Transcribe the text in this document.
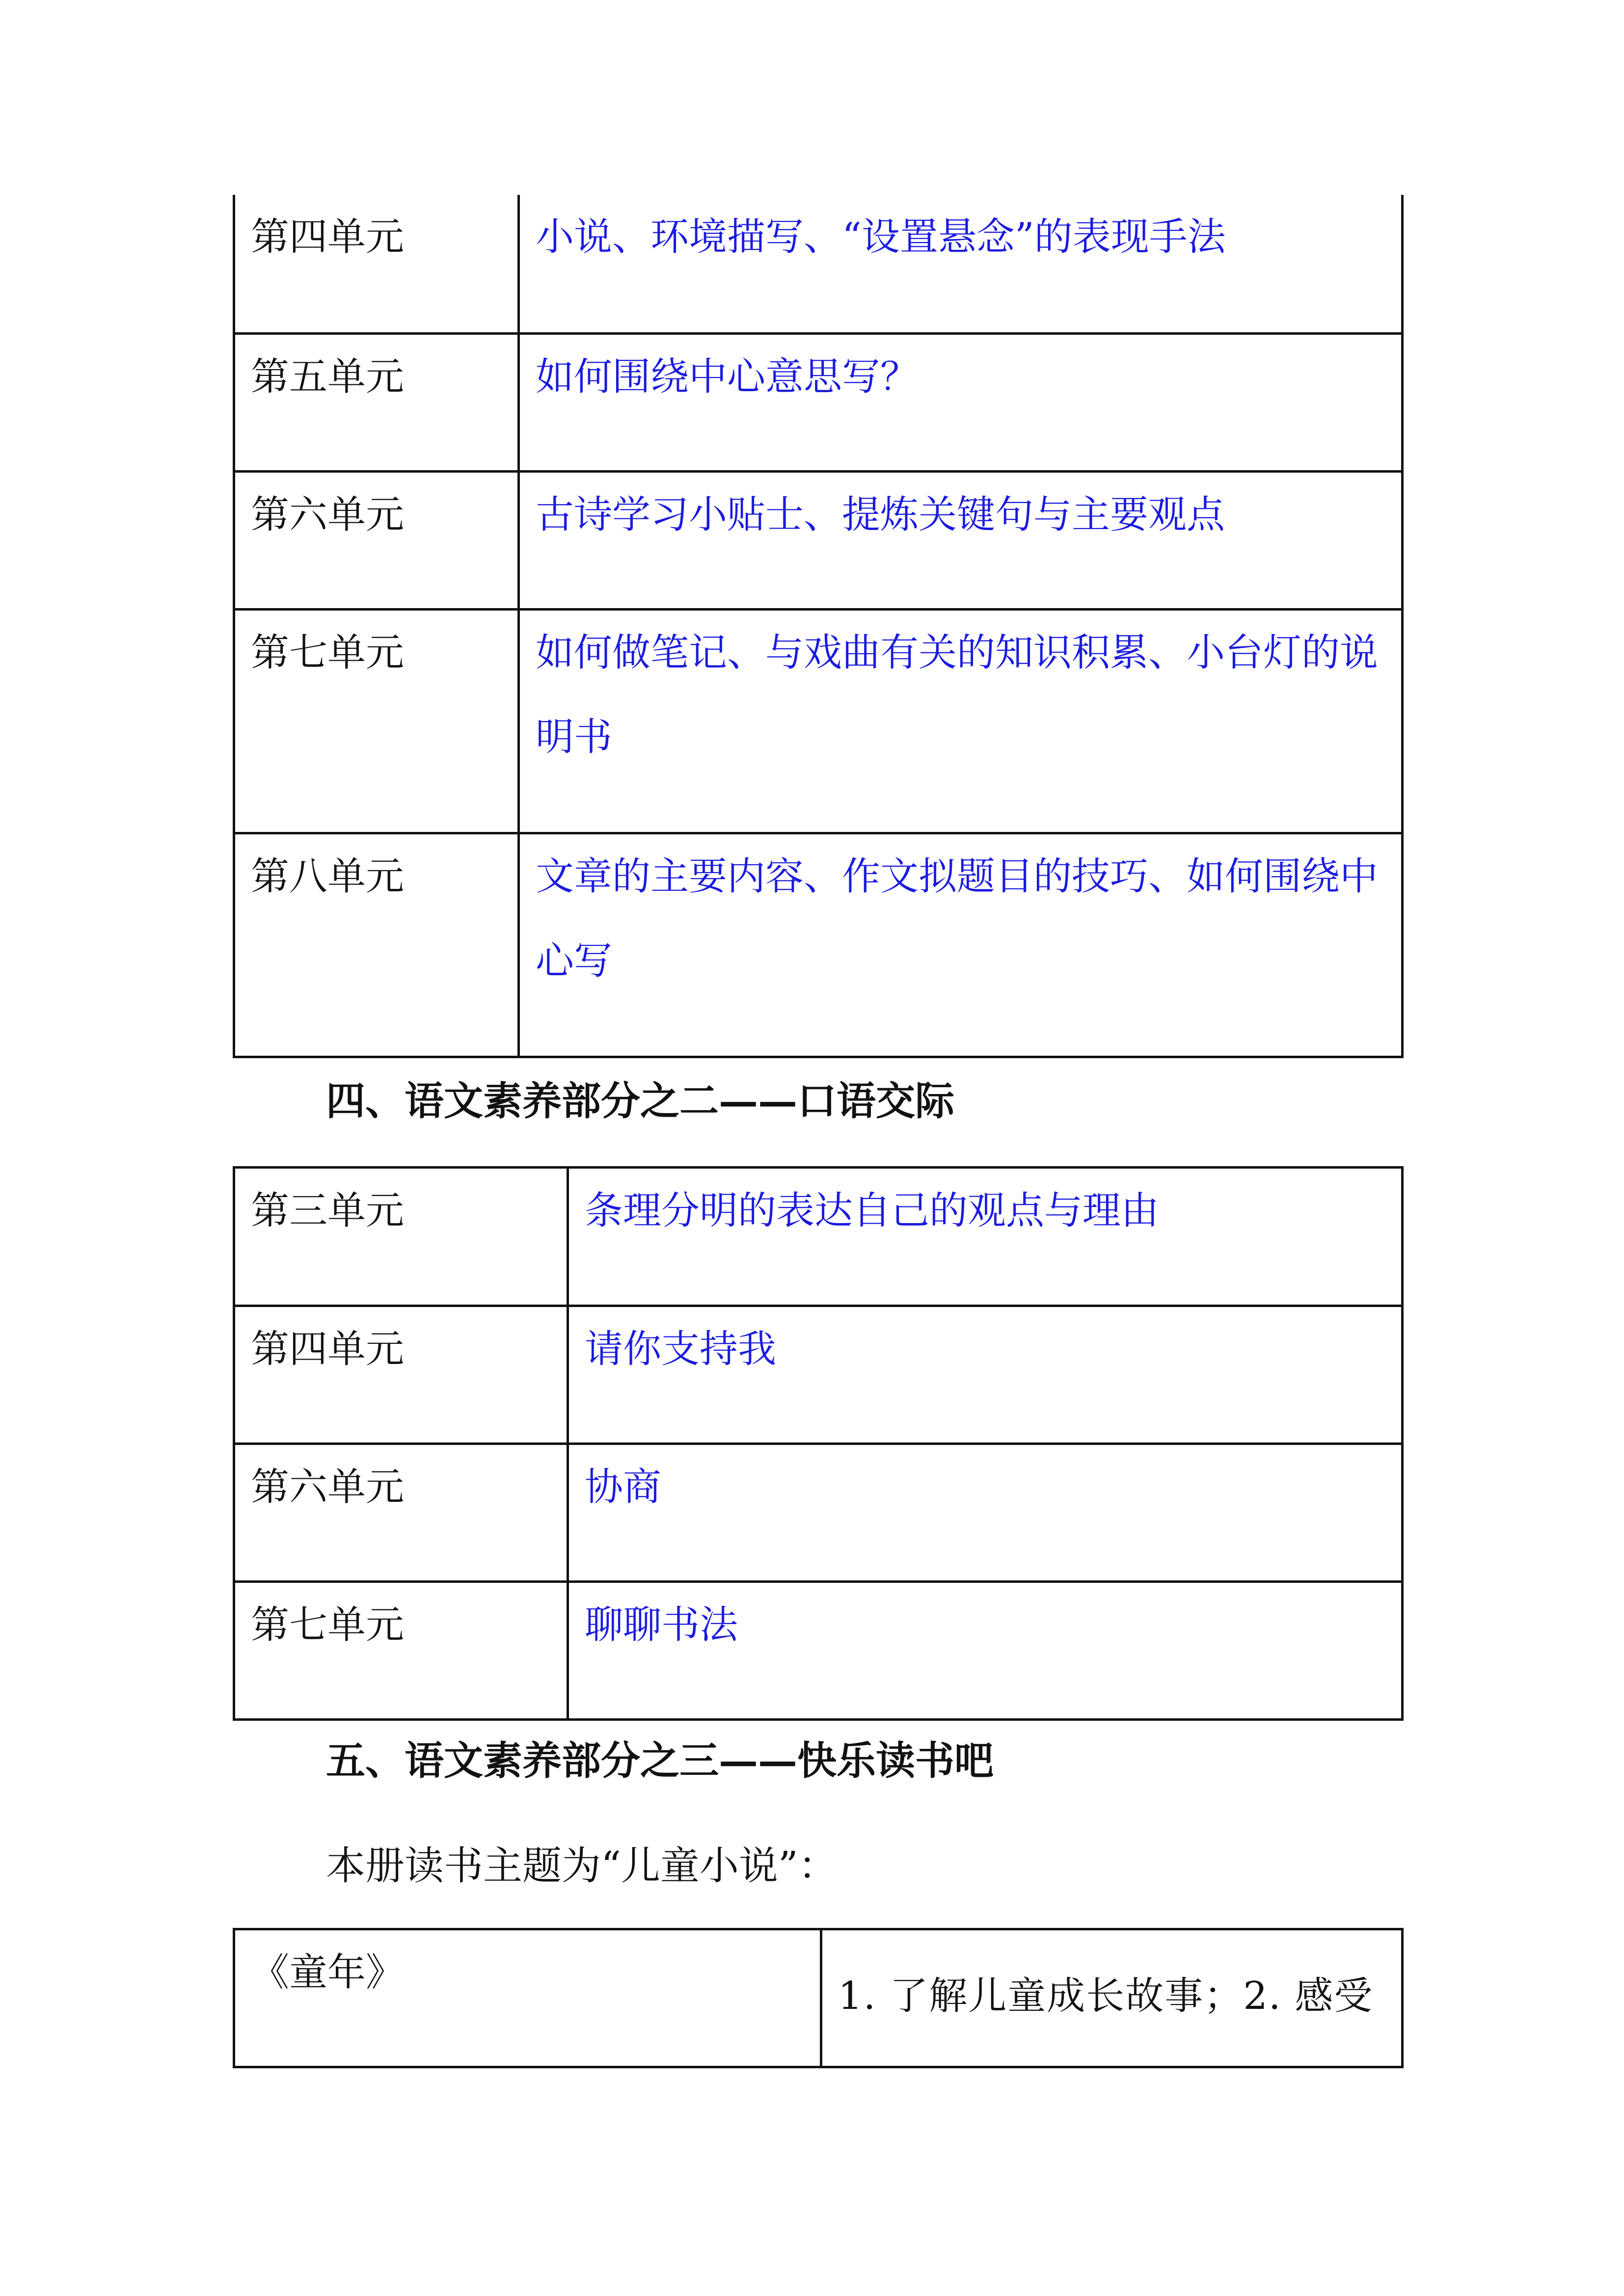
第四单元	小说、环境描写、“设置悬念”的表现手法
第五单元	如何围绕中心意思写？
第六单元	古诗学习小贴士、提炼关键句与主要观点
第七单元	如何做笔记、与戏曲有关的知识积累、小台灯的说明书
第八单元	文章的主要内容、作文拟题目的技巧、如何围绕中心写
四、语文素养部分之二——口语交际
第三单元	条理分明的表达自己的观点与理由
第四单元	请你支持我
第六单元	协商
第七单元	聊聊书法
五、语文素养部分之三——快乐读书吧
本册读书主题为“儿童小说”：
《童年》	1. 了解儿童成长故事；2. 感受
